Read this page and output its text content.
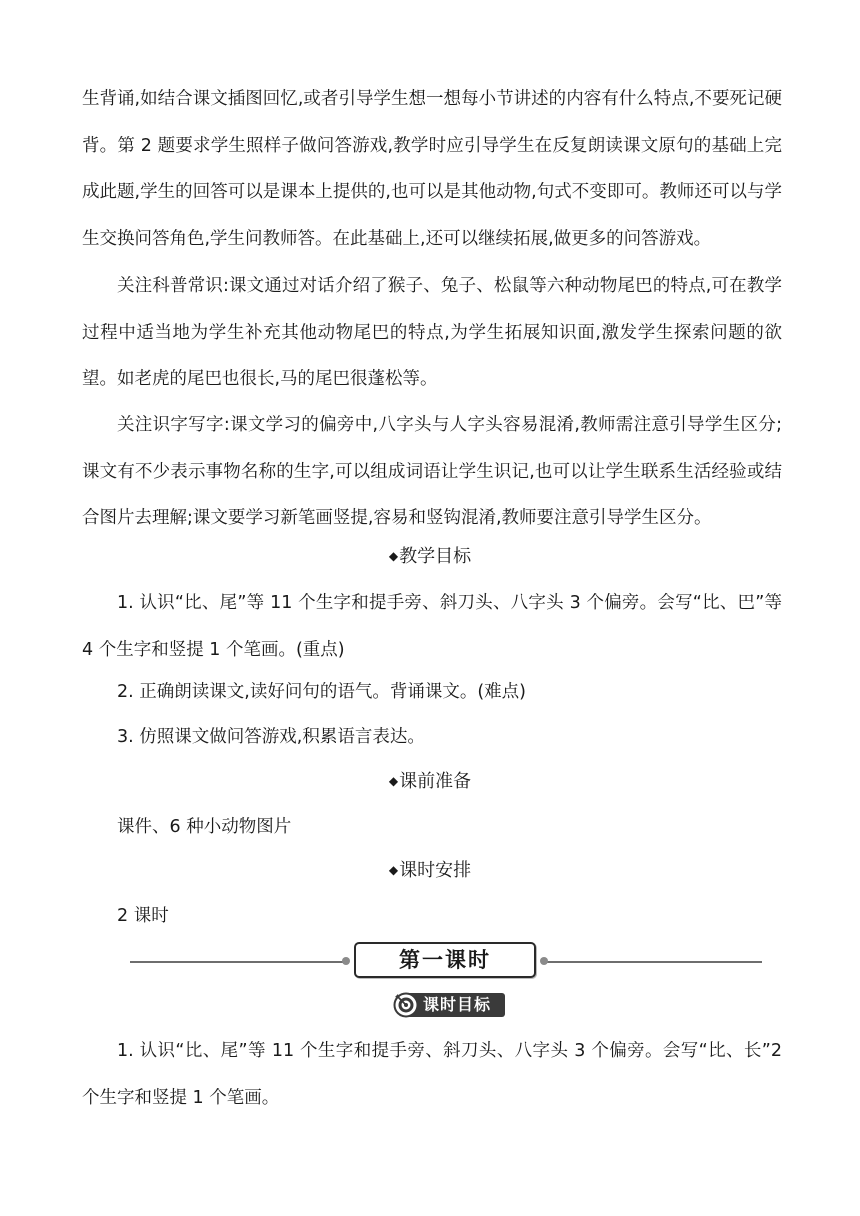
生背诵,如结合课文插图回忆,或者引导学生想一想每小节讲述的内容有什么特点,不要死记硬背。第 2 题要求学生照样子做问答游戏,教学时应引导学生在反复朗读课文原句的基础上完成此题,学生的回答可以是课本上提供的,也可以是其他动物,句式不变即可。教师还可以与学生交换问答角色,学生问教师答。在此基础上,还可以继续拓展,做更多的问答游戏。

关注科普常识:课文通过对话介绍了猴子、兔子、松鼠等六种动物尾巴的特点,可在教学过程中适当地为学生补充其他动物尾巴的特点,为学生拓展知识面,激发学生探索问题的欲望。如老虎的尾巴也很长,马的尾巴很蓬松等。

关注识字写字:课文学习的偏旁中,八字头与人字头容易混淆,教师需注意引导学生区分;课文有不少表示事物名称的生字,可以组成词语让学生识记,也可以让学生联系生活经验或结合图片去理解;课文要学习新笔画竖提,容易和竖钩混淆,教师要注意引导学生区分。

◆教学目标

1. 认识“比、尾”等 11 个生字和提手旁、斜刀头、八字头 3 个偏旁。会写“比、巴”等 4 个生字和竖提 1 个笔画。(重点)

2. 正确朗读课文,读好问句的语气。背诵课文。(难点)
3. 仿照课文做问答游戏,积累语言表达。
◆课前准备
课件、6 种小动物图片
◆课时安排
2 课时
第一课时
课时目标

1. 认识“比、尾”等 11 个生字和提手旁、斜刀头、八字头 3 个偏旁。会写“比、长”2 个生字和竖提 1 个笔画。
